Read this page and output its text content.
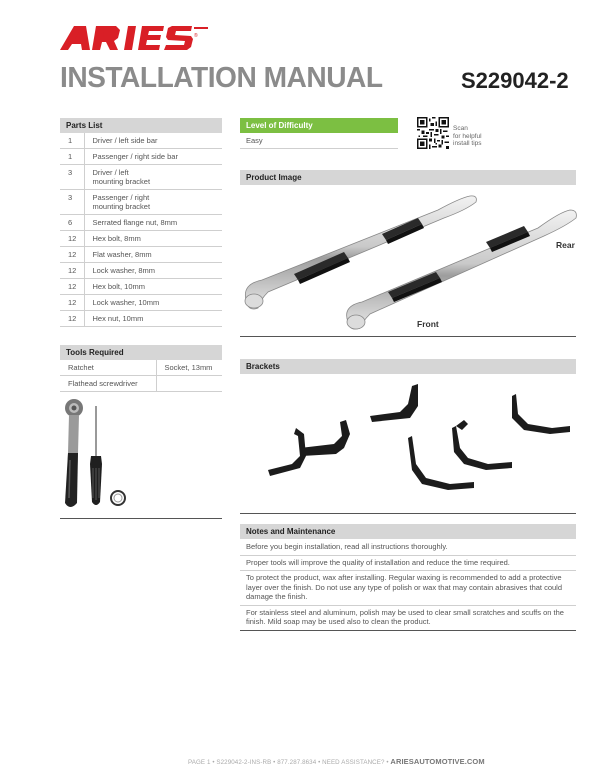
®
INSTALLATION MANUAL	S229042-2
Parts List
1	Driver / left side bar
1	Passenger / right side bar
3	Driver / left
mounting bracket
3	Passenger / right
mounting bracket
6	Serrated flange nut, 8mm
12	Hex bolt, 8mm
12	Flat washer, 8mm
12	Lock washer, 8mm
12	Hex bolt, 10mm
12	Lock washer, 10mm
12	Hex nut, 10mm
Tools Required
Ratchet	Socket, 13mm
Flathead screwdriver	
Level of Difficulty
Easy
Scan
for helpful
install tips
Product Image
Rear
Front
Brackets
Notes and Maintenance
Before you begin installation, read all instructions thoroughly.
Proper tools will improve the quality of installation and reduce the time required.
To protect the product, wax after installing. Regular waxing is recommended to add a protective layer over the finish. Do not use any type of polish or wax that may contain abrasives that could damage the finish.
For stainless steel and aluminum, polish may be used to clear small scratches and scuffs on the finish. Mild soap may be used also to clean the product.
PAGE 1 • S229042-2-INS-RB • 877.287.8634 • NEED ASSISTANCE? • ARIESAUTOMOTIVE.COM
